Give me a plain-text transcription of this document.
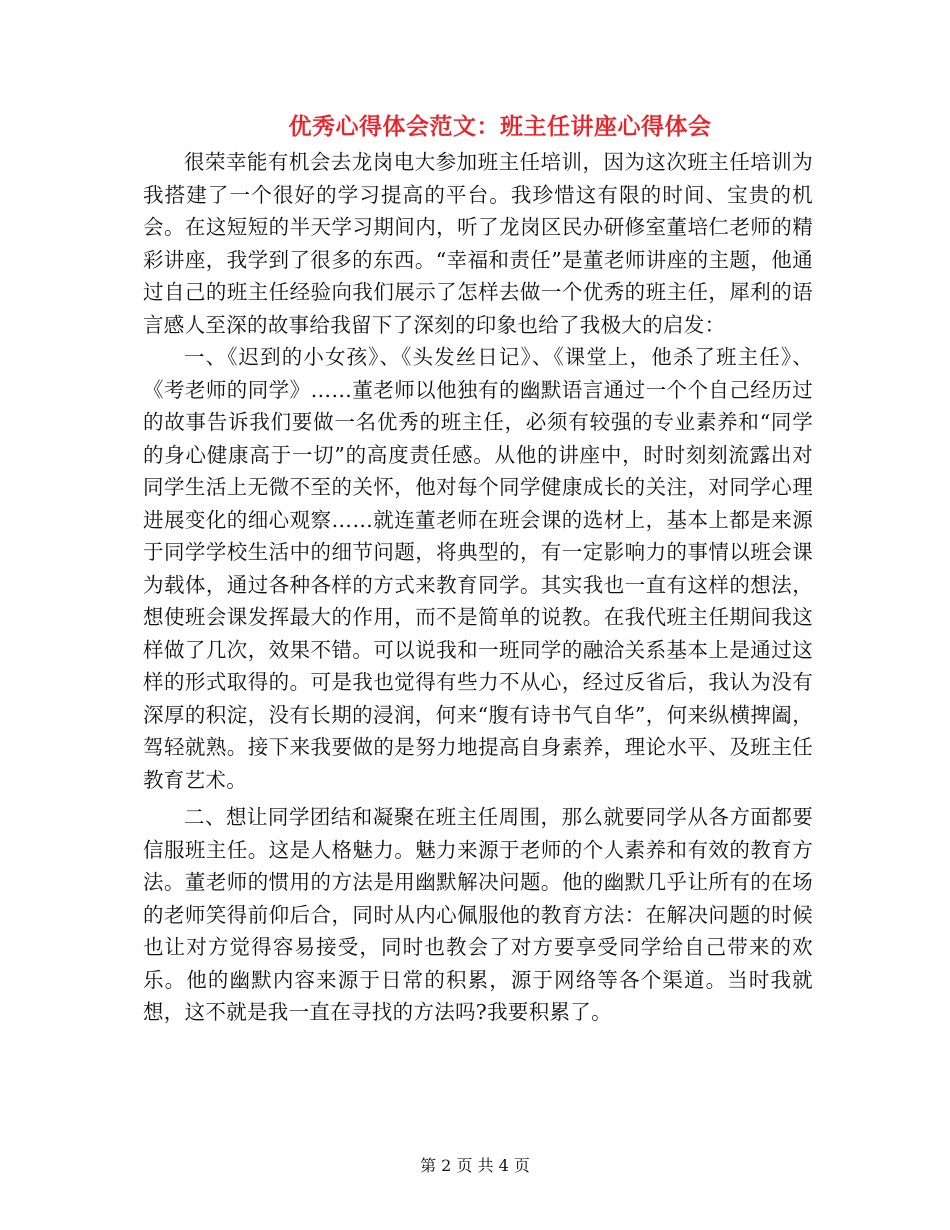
优秀心得体会范文：班主任讲座心得体会

很荣幸能有机会去龙岗电大参加班主任培训，因为这次班主任培训为我搭建了一个很好的学习提高的平台。我珍惜这有限的时间、宝贵的机会。在这短短的半天学习期间内，听了龙岗区民办研修室董培仁老师的精彩讲座，我学到了很多的东西。“幸福和责任”是董老师讲座的主题，他通过自己的班主任经验向我们展示了怎样去做一个优秀的班主任，犀利的语言感人至深的故事给我留下了深刻的印象也给了我极大的启发：

一、《迟到的小女孩》、《头发丝日记》、《课堂上，他杀了班主任》、《考老师的同学》……董老师以他独有的幽默语言通过一个个自己经历过的故事告诉我们要做一名优秀的班主任，必须有较强的专业素养和“同学的身心健康高于一切”的高度责任感。从他的讲座中，时时刻刻流露出对同学生活上无微不至的关怀，他对每个同学健康成长的关注，对同学心理进展变化的细心观察……就连董老师在班会课的选材上，基本上都是来源于同学学校生活中的细节问题，将典型的，有一定影响力的事情以班会课为载体，通过各种各样的方式来教育同学。其实我也一直有这样的想法，想使班会课发挥最大的作用，而不是简单的说教。在我代班主任期间我这样做了几次，效果不错。可以说我和一班同学的融洽关系基本上是通过这样的形式取得的。可是我也觉得有些力不从心，经过反省后，我认为没有深厚的积淀，没有长期的浸润，何来“腹有诗书气自华”，何来纵横捭阖，驾轻就熟。接下来我要做的是努力地提高自身素养，理论水平、及班主任教育艺术。

二、想让同学团结和凝聚在班主任周围，那么就要同学从各方面都要信服班主任。这是人格魅力。魅力来源于老师的个人素养和有效的教育方法。董老师的惯用的方法是用幽默解决问题。他的幽默几乎让所有的在场的老师笑得前仰后合，同时从内心佩服他的教育方法：在解决问题的时候也让对方觉得容易接受，同时也教会了对方要享受同学给自己带来的欢乐。他的幽默内容来源于日常的积累，源于网络等各个渠道。当时我就想，这不就是我一直在寻找的方法吗?我要积累了。

第 2 页 共 4 页
